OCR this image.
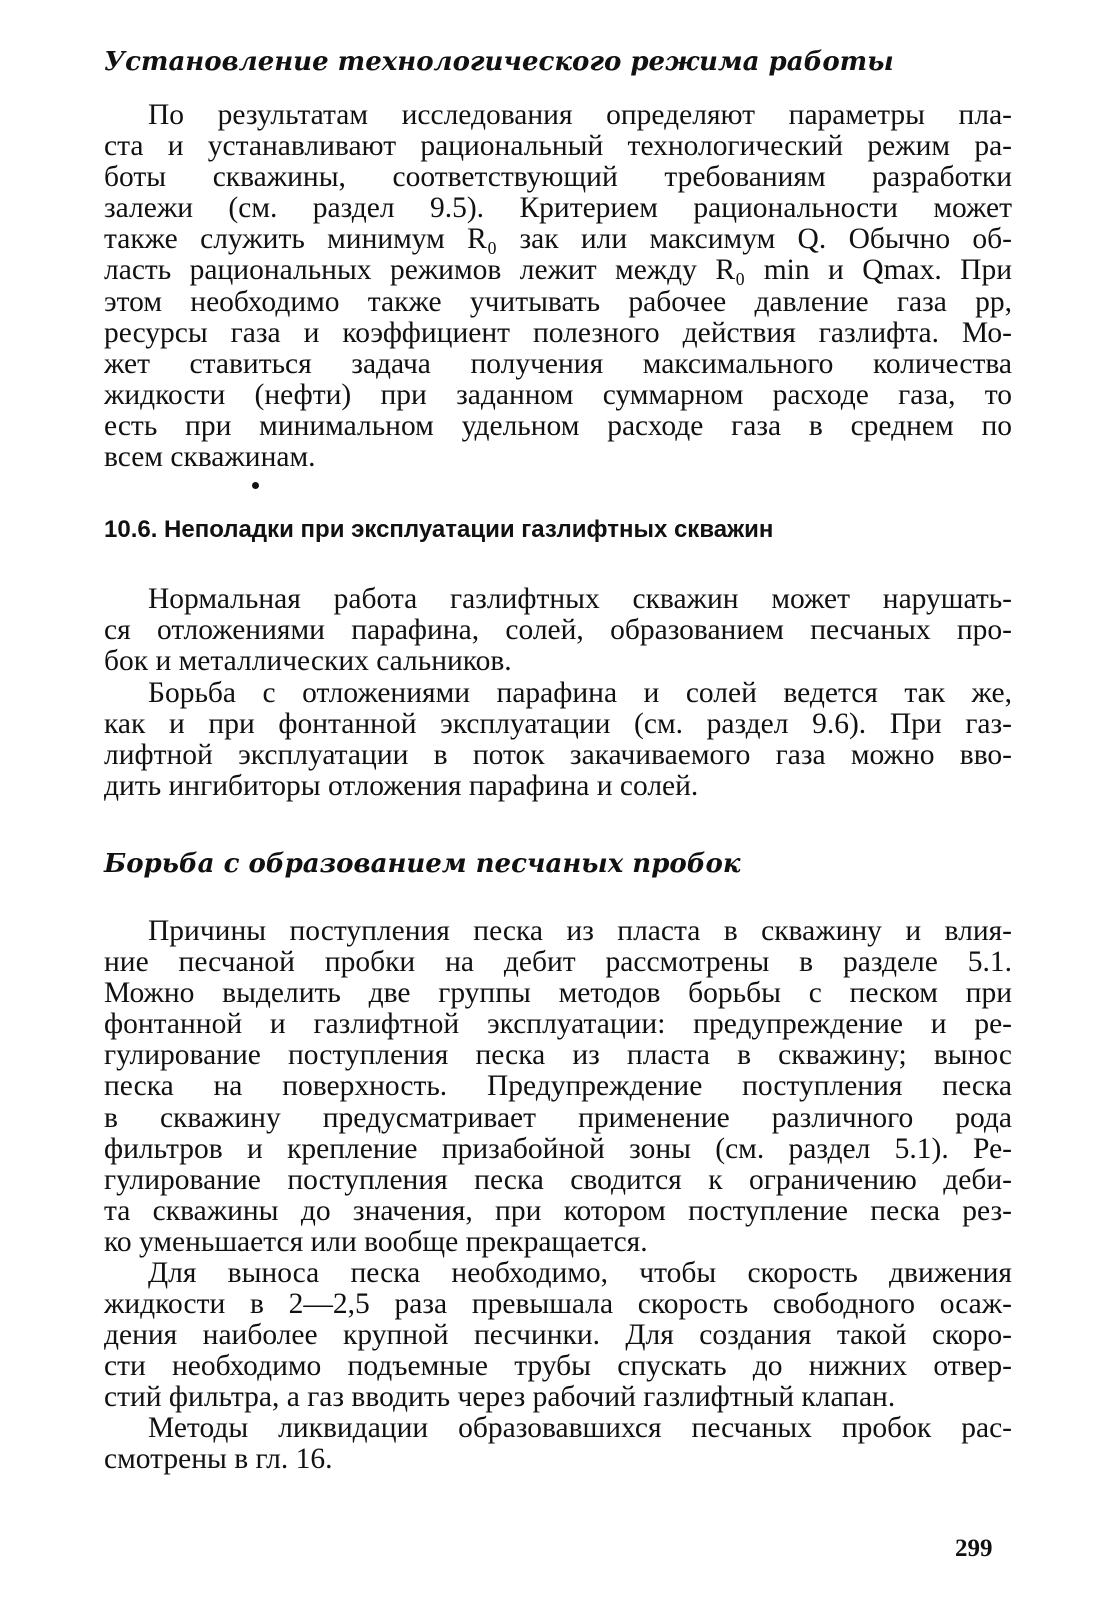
Установление технологического режима работы

По результатам исследования определяют параметры пла-
ста и устанавливают рациональный технологический режим ра-
боты скважины, соответствующий требованиям разработки
залежи (см. раздел 9.5). Критерием рациональности может
также служить минимум R₀ зак или максимум Q. Обычно об-
ласть рациональных режимов лежит между R₀ min и Qmax. При
этом необходимо также учитывать рабочее давление газа pр,
ресурсы газа и коэффициент полезного действия газлифта. Мо-
жет ставиться задача получения максимального количества
жидкости (нефти) при заданном суммарном расходе газа, то
есть при минимальном удельном расходе газа в среднем по
всем скважинам.

10.6. Неполадки при эксплуатации газлифтных скважин

Нормальная работа газлифтных скважин может нарушать-
ся отложениями парафина, солей, образованием песчаных про-
бок и металлических сальников.

Борьба с отложениями парафина и солей ведется так же,
как и при фонтанной эксплуатации (см. раздел 9.6). При газ-
лифтной эксплуатации в поток закачиваемого газа можно вво-
дить ингибиторы отложения парафина и солей.

Борьба с образованием песчаных пробок

Причины поступления песка из пласта в скважину и влия-
ние песчаной пробки на дебит рассмотрены в разделе 5.1.
Можно выделить две группы методов борьбы с песком при
фонтанной и газлифтной эксплуатации: предупреждение и ре-
гулирование поступления песка из пласта в скважину; вынос
песка на поверхность. Предупреждение поступления песка
в скважину предусматривает применение различного рода
фильтров и крепление призабойной зоны (см. раздел 5.1). Ре-
гулирование поступления песка сводится к ограничению деби-
та скважины до значения, при котором поступление песка рез-
ко уменьшается или вообще прекращается.

Для выноса песка необходимо, чтобы скорость движения
жидкости в 2—2,5 раза превышала скорость свободного осаж-
дения наиболее крупной песчинки. Для создания такой скоро-
сти необходимо подъемные трубы спускать до нижних отвер-
стий фильтра, а газ вводить через рабочий газлифтный клапан.

Методы ликвидации образовавшихся песчаных пробок рас-
смотрены в гл. 16.

299
